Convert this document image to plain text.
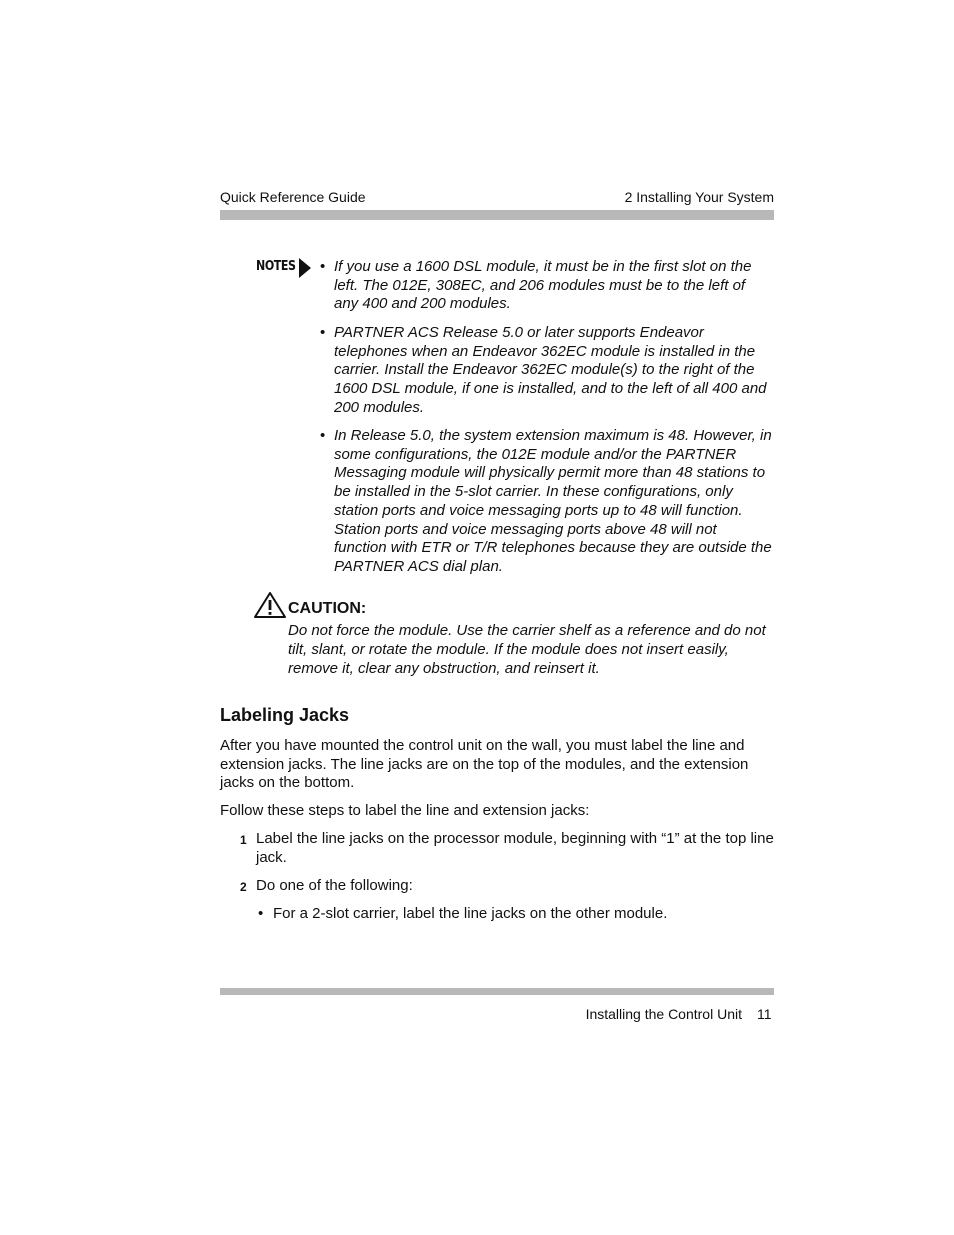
Quick Reference Guide	2 Installing Your System
NOTES • If you use a 1600 DSL module, it must be in the first slot on the left. The 012E, 308EC, and 206 modules must be to the left of any 400 and 200 modules.
• PARTNER ACS Release 5.0 or later supports Endeavor telephones when an Endeavor 362EC module is installed in the carrier. Install the Endeavor 362EC module(s) to the right of the 1600 DSL module, if one is installed, and to the left of all 400 and 200 modules.
• In Release 5.0, the system extension maximum is 48. However, in some configurations, the 012E module and/or the PARTNER Messaging module will physically permit more than 48 stations to be installed in the 5-slot carrier. In these configurations, only station ports and voice messaging ports up to 48 will function. Station ports and voice messaging ports above 48 will not function with ETR or T/R telephones because they are outside the PARTNER ACS dial plan.
CAUTION:
Do not force the module. Use the carrier shelf as a reference and do not tilt, slant, or rotate the module. If the module does not insert easily, remove it, clear any obstruction, and reinsert it.
Labeling Jacks
After you have mounted the control unit on the wall, you must label the line and extension jacks. The line jacks are on the top of the modules, and the extension jacks on the bottom.
Follow these steps to label the line and extension jacks:
1 Label the line jacks on the processor module, beginning with “1” at the top line jack.
2 Do one of the following:
• For a 2-slot carrier, label the line jacks on the other module.
Installing the Control Unit 11
